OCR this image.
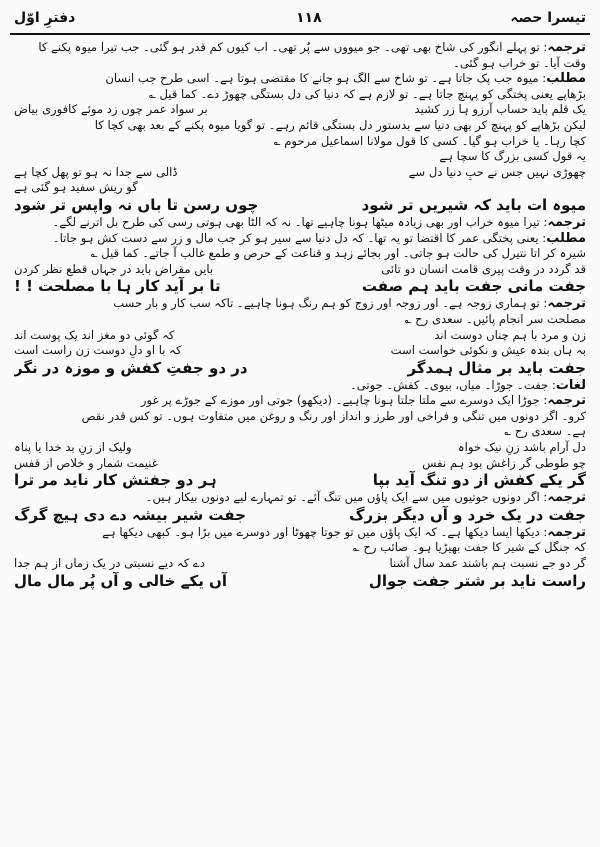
دفترِ اوّل	۱۱۸	تیسرا حصہ
ترجمہ: تو پہلے انگور کی شاخ بھی تھی۔ جو میووں سے پُر تھی۔ اب کیوں کم قدر ہو گئی۔ جب تیرا میوہ پکنے کا
وقت آیا۔ تو خراب ہو گئی۔
مطلب: میوہ جب پک جاتا ہے۔ تو شاخ سے الگ ہو جانے کا مقتضی ہوتا ہے۔ اسی طرح جب انسان
بڑھاپے یعنی پختگی کو پہنچ جاتا ہے۔ تو لازم ہے کہ دنیا کی دل بستگی چھوڑ دے۔ کما قیل ؎
یک قلم باید حساب آرزو ہا زر کشید
بر سواد عمر چوں زد موئے کافوری بیاض
لیکن بڑھاپے کو پہنچ کر بھی دنیا سے بدستور دل بستگی قائم رہے۔ تو گویا میوہ پکنے کے بعد بھی کچا کا
کچا رہا۔ یا خراب ہو گیا۔ کسی کا قول مولانا اسماعیل مرحوم ؎
یہ قول کسی بزرگ کا سچا ہے
چھوڑی نہیں جس نے حبِ دنیا دل سے
ڈالی سے جدا نہ ہو تو پھل کچا ہے
گو ریش سفید ہو گئی ہے
میوہ ات باید کہ شیریں تر شود
چوں رسن تا باں نہ واپس تر شود
ترجمہ: تیرا میوہ خراب اور بھی زیادہ میٹھا ہونا چاہیے تھا۔ نہ کہ الٹا بھی ہوتی رسی کی طرح بل اترنے لگے۔
مطلب: یعنی پختگی عمر کا اقتضا تو یہ تھا۔ کہ دل دنیا سے سیر ہو کر جب مال و زر سے دست کش ہو جاتا۔
شیرہ کر اتا نتیرل کی حالت ہو جاتی۔ اور بجائے زہد و قناعت کے حرص و طمع غالب آ جاتے۔ کما قیل ؎
قد گردد در وقت پیری قامت انسان دو تائی
بایں مقراض باید در جہاں قطع نظر کردن
جفت مانی جفت باید ہم صفت
تا بر آید کار ہا با مصلحت ! !
ترجمہ: تو ہماری زوجہ ہے۔ اور زوجہ اور زوج کو ہم رنگ ہونا چاہیے۔ تاکہ سب کار و بار حسب
مصلحت سر انجام پائیں۔ سعدی رح ؎
زن و مرد با ہم چناں دوست اند
کہ گوئی دو مغز اند یک پوست اند
بہ ہاں بندہ عیش و نکوئی خواست است
کہ با او دلِ دوست زن راست است
جفت باید بر مثال ہمدگر
در دو جفتِ کفش و موزہ در نگر
لغات: جفت۔ جوڑا۔ میاں، بیوی۔ کفش۔ جوتی۔
ترجمہ: جوڑا ایک دوسرے سے ملتا جلتا ہونا چاہیے۔ (دیکھو) جوتی اور موزے کے جوڑے پر غور
کرو۔ اگر دونوں میں تنگی و فراخی اور طرز و انداز اور رنگ و روغن میں متفاوت ہوں۔ تو کس قدر نقص
ہے۔ سعدی رح ؎
دل آرام باشد زنِ نیک خواہ
ولیک از زنِ بد خدا یا پناہ
چو طوطی گر زاغش بود ہم نفس
غنیمت شمار و خلاص از قفس
گر یکے کفش از دو تنگ آید بپا
ہر دو جفتش کار ناید مر ترا
ترجمہ: اگر دونوں جوتیوں میں سے ایک پاؤں میں تنگ آئے۔ تو تمہارے لیے دونوں بیکار ہیں۔
جفت در یک خرد و آں دیگر بزرگ
جفت شیر بیشہ دے دی ہیچ گرگ
ترجمہ: دیکھا ایسا دیکھا ہے۔ کہ ایک پاؤں میں تو جوتا چھوٹا اور دوسرے میں بڑا ہو۔ کبھی دیکھا ہے
کہ جنگل کے شیر کا جفت بھیڑیا ہو۔ صائب رح ؎
گر دو جے نسبت ہم باشند عمد سال آشنا
دے کہ دیے نسبتی در یک زماں از ہم جدا
راست ناید بر شتر جفت جوال
آں یکے خالی و آں پُر مال مال
